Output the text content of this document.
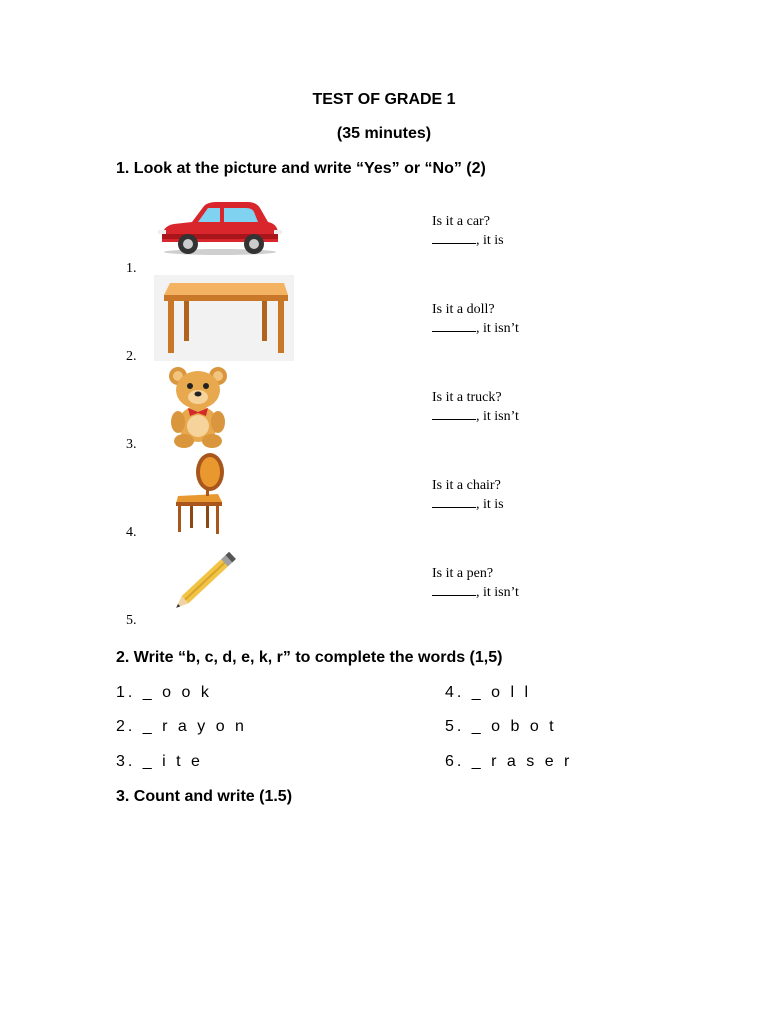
TEST OF GRADE 1
(35 minutes)
1. Look at the picture and write “Yes” or “No” (2)
1.
Is it a car?
, it is
2.
Is it a doll?
, it isn’t
3.
Is it a truck?
, it isn’t
4.
Is it a chair?
, it is
5.
Is it a pen?
, it isn’t
2. Write “b, c, d, e, k, r” to complete the words (1,5)
1. _ o o k	4. _ o l l
2. _ r a y o n	5. _ o b o t
3. _ i t e	6. _ r a s e r
3. Count and write (1.5)
